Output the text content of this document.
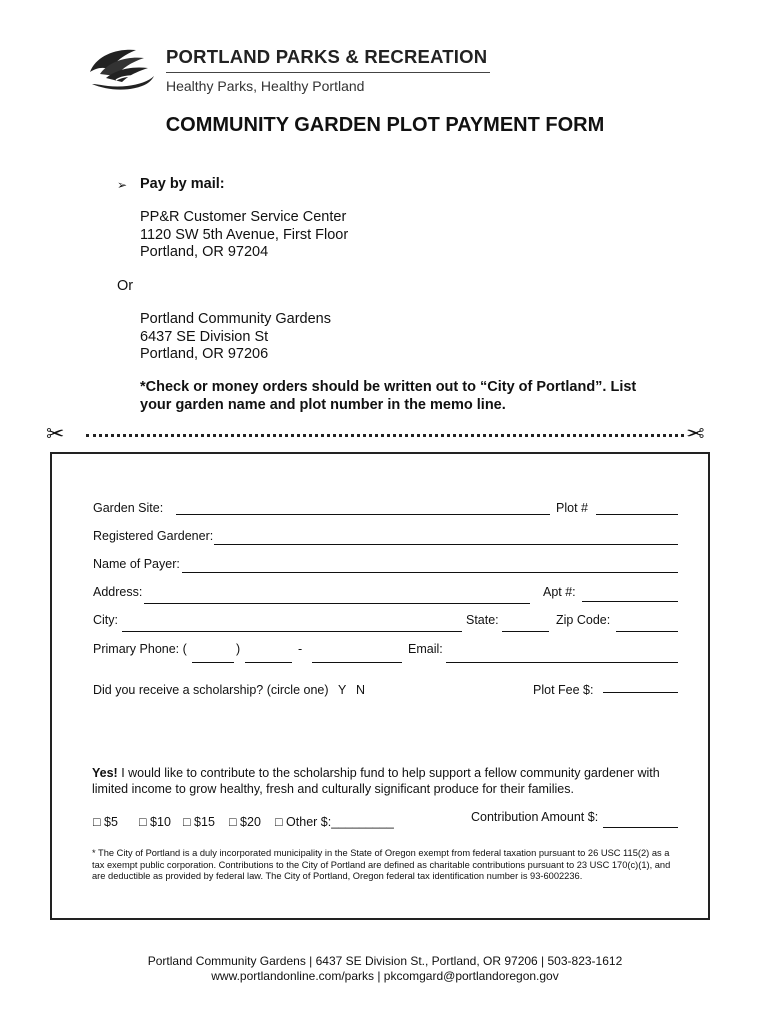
PORTLAND PARKS & RECREATION
Healthy Parks, Healthy Portland
COMMUNITY GARDEN PLOT PAYMENT FORM
➢ Pay by mail:
PP&R Customer Service Center
1120 SW 5th Avenue, First Floor
Portland, OR 97204
Or
Portland Community Gardens
6437 SE Division St
Portland, OR 97206
*Check or money orders should be written out to “City of Portland”. List your garden name and plot number in the memo line.
✂	✂
Garden Site:	Plot #
Registered Gardener:
Name of Payer:
Address:	Apt #:
City:	State:	Zip Code:
Primary Phone: (	)	-	Email:
Did you receive a scholarship? (circle one) Y N	Plot Fee $:
Yes! I would like to contribute to the scholarship fund to help support a fellow community gardener with limited income to grow healthy, fresh and culturally significant produce for their families.
□ $5 □ $10 □ $15 □ $20 □ Other $:_________	Contribution Amount $:
* The City of Portland is a duly incorporated municipality in the State of Oregon exempt from federal taxation pursuant to 26 USC 115(2) as a tax exempt public corporation. Contributions to the City of Portland are defined as charitable contributions pursuant to 23 USC 170(c)(1), and are deductible as provided by federal law. The City of Portland, Oregon federal tax identification number is 93-6002236.
Portland Community Gardens | 6437 SE Division St., Portland, OR 97206 | 503-823-1612
www.portlandonline.com/parks | pkcomgard@portlandoregon.gov
